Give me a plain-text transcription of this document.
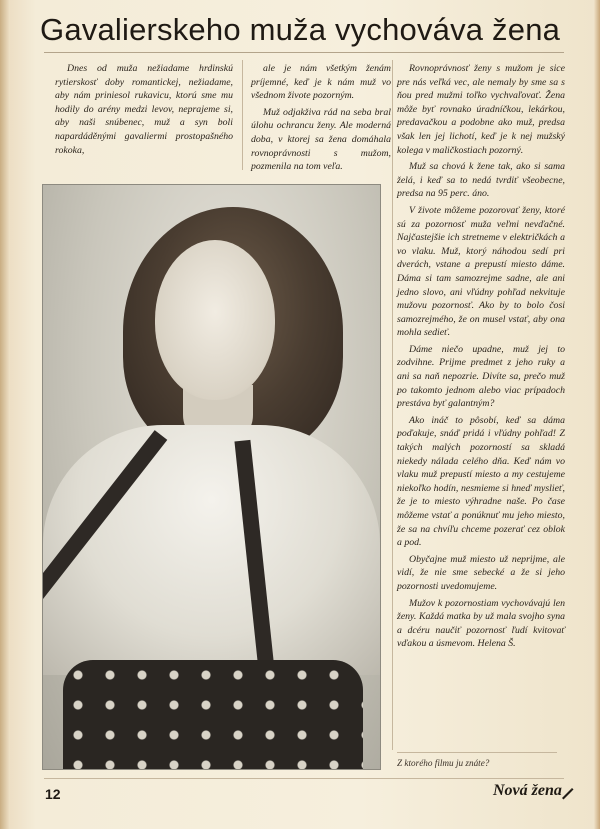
Gavalierskeho muža vychováva žena

Dnes od muža nežiadame hrdinskú rytierskosť doby romantickej, nežiadame, aby nám priniesol rukavicu, ktorú sme mu hodily do arény medzi levov, neprajeme si, aby naši snúbenec, muž a syn boli napardáděnými gavaliermi prostopašného rokoka,

ale je nám všetkým ženám príjemné, keď je k nám muž vo všednom živote pozorným.

Muž odjakživa rád na seba bral úlohu ochrancu ženy. Ale moderná doba, v ktorej sa žena domáhala rovnoprávnosti s mužom, pozmenila na tom veľa.

Rovnoprávnosť ženy s mužom je sice pre nás veľká vec, ale nemaly by sme sa s ňou pred mužmi toľko vychvaľovať. Žena môže byť rovnako úradníčkou, lekárkou, predavačkou a podobne ako muž, predsa však len jej lichotí, keď je k nej mužský kolega v maličkostiach pozorný.

Muž sa chová k žene tak, ako si sama želá, i keď sa to nedá tvrdiť všeobecne, predsa na 95 perc. áno.

V živote môžeme pozorovať ženy, ktoré sú za pozornosť muža veľmi nevďačné. Najčastejšie ich stretneme v električkách a vo vlaku. Muž, ktorý náhodou sedí pri dverách, vstane a prepustí miesto dáme. Dáma si tam samozrejme sadne, ale ani jedno slovo, ani vľúdny pohľad nekvituje mužovu pozornosť. Ako by to bolo čosi samozrejmého, že on musel vstať, aby ona mohla sedieť.

Dáme niečo upadne, muž jej to zodvihne. Prijme predmet z jeho ruky a ani sa naň nepozrie. Divíte sa, prečo muž po takomto jednom alebo viac prípadoch prestáva byť galantným?

Ako ináč to pôsobí, keď sa dáma poďakuje, snáď pridá i vľúdny pohľad! Z takých malých pozorností sa skladá niekedy nálada celého dňa. Keď nám vo vlaku muž prepustí miesto a my cestujeme niekoľko hodín, nesmieme si hneď myslieť, že je to miesto výhradne naše. Po čase môžeme vstať a ponúknuť mu jeho miesto, že sa na chvíľu chceme pozerať cez oblok a pod.

Obyčajne muž miesto už neprijme, ale vidí, že nie sme sebecké a že si jeho pozornosti uvedomujeme.

Mužov k pozornostiam vychovávajú len ženy. Každá matka by už mala svojho syna a dcéru naučiť pozornosť ľudí kvitovať vďakou a úsmevom. Helena Š.

Z ktorého filmu ju znáte?
12	Nová žena
